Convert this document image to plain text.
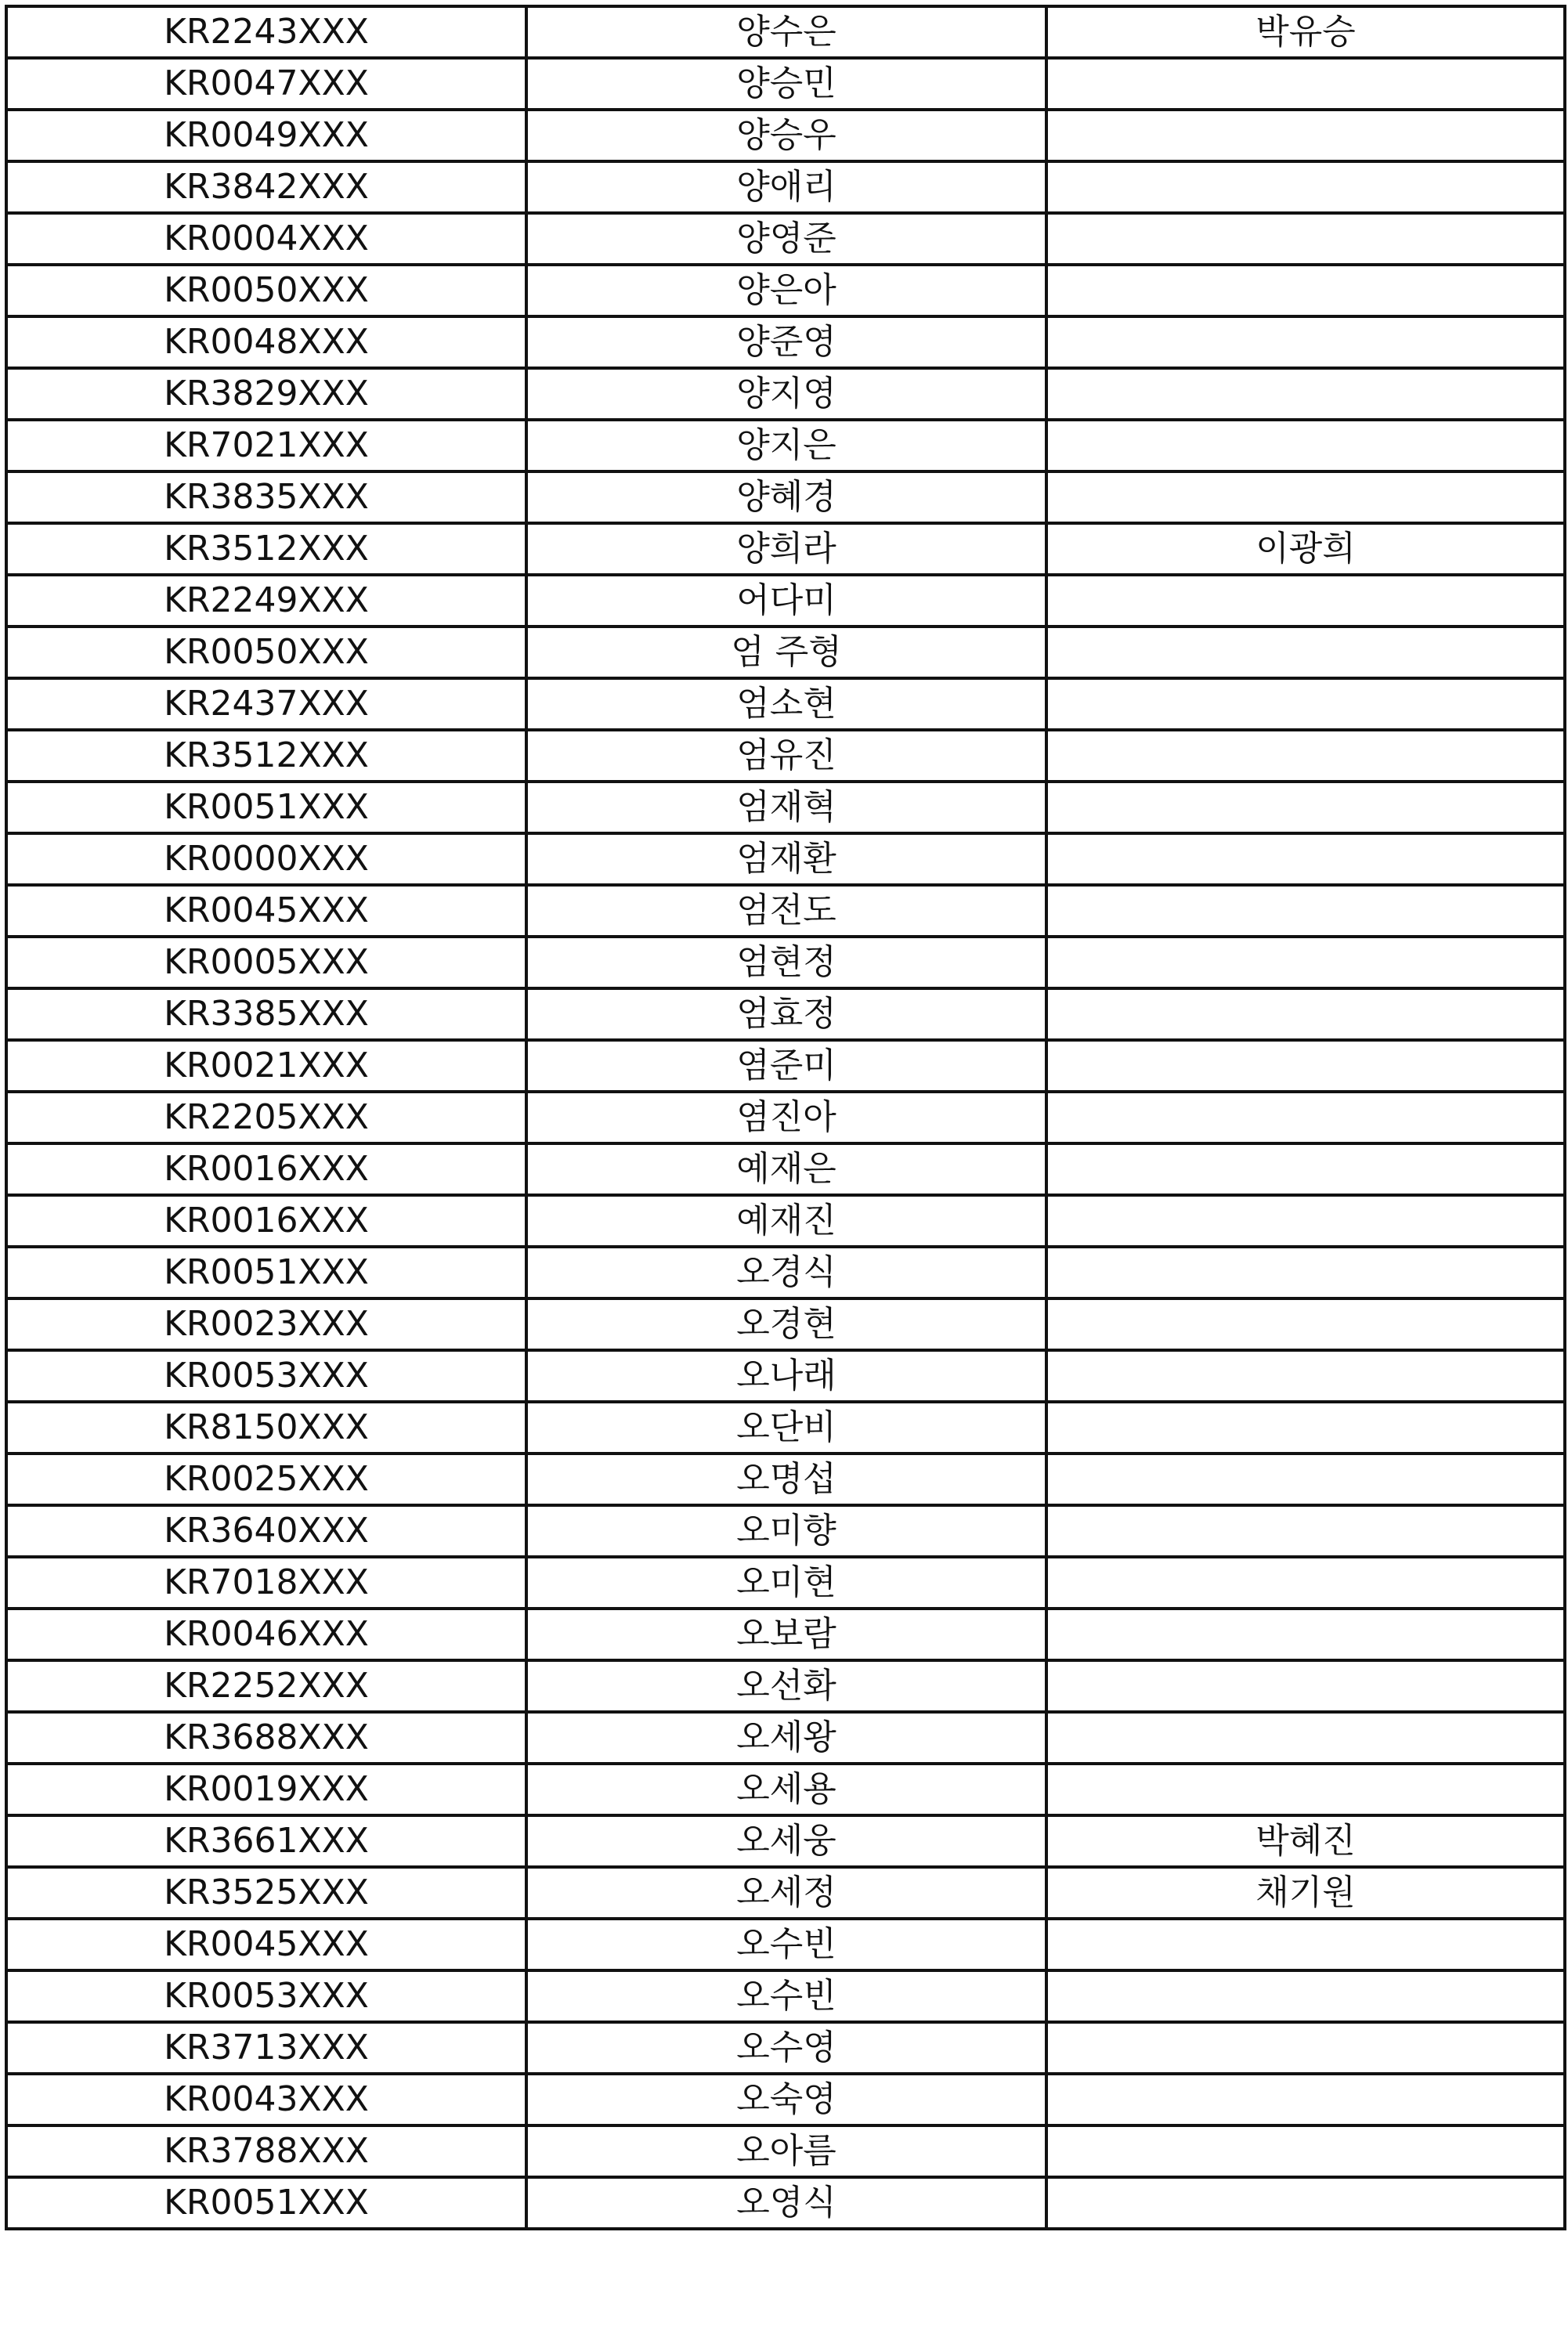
KR2243XXX	양수은	박유승
KR0047XXX	양승민	
KR0049XXX	양승우	
KR3842XXX	양애리	
KR0004XXX	양영준	
KR0050XXX	양은아	
KR0048XXX	양준영	
KR3829XXX	양지영	
KR7021XXX	양지은	
KR3835XXX	양혜경	
KR3512XXX	양희라	이광희
KR2249XXX	어다미	
KR0050XXX	엄 주형	
KR2437XXX	엄소현	
KR3512XXX	엄유진	
KR0051XXX	엄재혁	
KR0000XXX	엄재환	
KR0045XXX	엄전도	
KR0005XXX	엄현정	
KR3385XXX	엄효정	
KR0021XXX	염준미	
KR2205XXX	염진아	
KR0016XXX	예재은	
KR0016XXX	예재진	
KR0051XXX	오경식	
KR0023XXX	오경현	
KR0053XXX	오나래	
KR8150XXX	오단비	
KR0025XXX	오명섭	
KR3640XXX	오미향	
KR7018XXX	오미현	
KR0046XXX	오보람	
KR2252XXX	오선화	
KR3688XXX	오세왕	
KR0019XXX	오세용	
KR3661XXX	오세웅	박혜진
KR3525XXX	오세정	채기원
KR0045XXX	오수빈	
KR0053XXX	오수빈	
KR3713XXX	오수영	
KR0043XXX	오숙영	
KR3788XXX	오아름	
KR0051XXX	오영식	
